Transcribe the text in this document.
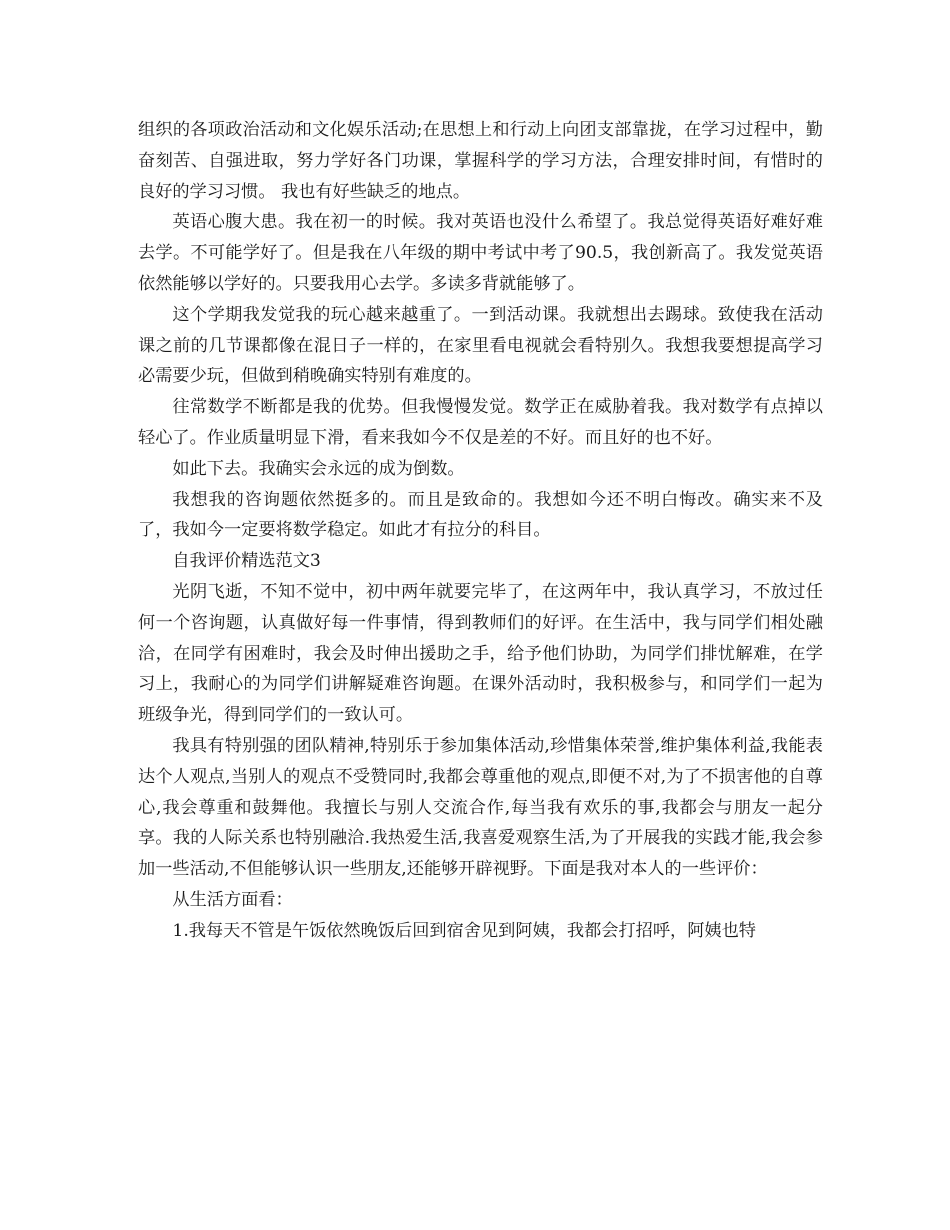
组织的各项政治活动和文化娱乐活动;在思想上和行动上向团支部靠拢，在学习过程中，勤奋刻苦、自强进取，努力学好各门功课，掌握科学的学习方法，合理安排时间，有惜时的良好的学习习惯。 我也有好些缺乏的地点。

英语心腹大患。我在初一的时候。我对英语也没什么希望了。我总觉得英语好难好难去学。不可能学好了。但是我在八年级的期中考试中考了90.5，我创新高了。我发觉英语依然能够以学好的。只要我用心去学。多读多背就能够了。

这个学期我发觉我的玩心越来越重了。一到活动课。我就想出去踢球。致使我在活动课之前的几节课都像在混日子一样的，在家里看电视就会看特别久。我想我要想提高学习必需要少玩，但做到稍晚确实特别有难度的。

往常数学不断都是我的优势。但我慢慢发觉。数学正在威胁着我。我对数学有点掉以轻心了。作业质量明显下滑，看来我如今不仅是差的不好。而且好的也不好。

如此下去。我确实会永远的成为倒数。

我想我的咨询题依然挺多的。而且是致命的。我想如今还不明白悔改。确实来不及了，我如今一定要将数学稳定。如此才有拉分的科目。

自我评价精选范文3

光阴飞逝，不知不觉中，初中两年就要完毕了，在这两年中，我认真学习，不放过任何一个咨询题，认真做好每一件事情，得到教师们的好评。在生活中，我与同学们相处融洽，在同学有困难时，我会及时伸出援助之手，给予他们协助，为同学们排忧解难，在学习上，我耐心的为同学们讲解疑难咨询题。在课外活动时，我积极参与，和同学们一起为班级争光，得到同学们的一致认可。

我具有特别强的团队精神,特别乐于参加集体活动,珍惜集体荣誉,维护集体利益,我能表达个人观点,当别人的观点不受赞同时,我都会尊重他的观点,即便不对,为了不损害他的自尊心,我会尊重和鼓舞他。我擅长与别人交流合作,每当我有欢乐的事,我都会与朋友一起分享。我的人际关系也特别融洽.我热爱生活,我喜爱观察生活,为了开展我的实践才能,我会参加一些活动,不但能够认识一些朋友,还能够开辟视野。下面是我对本人的一些评价：

从生活方面看：

1.我每天不管是午饭依然晚饭后回到宿舍见到阿姨，我都会打招呼，阿姨也特
